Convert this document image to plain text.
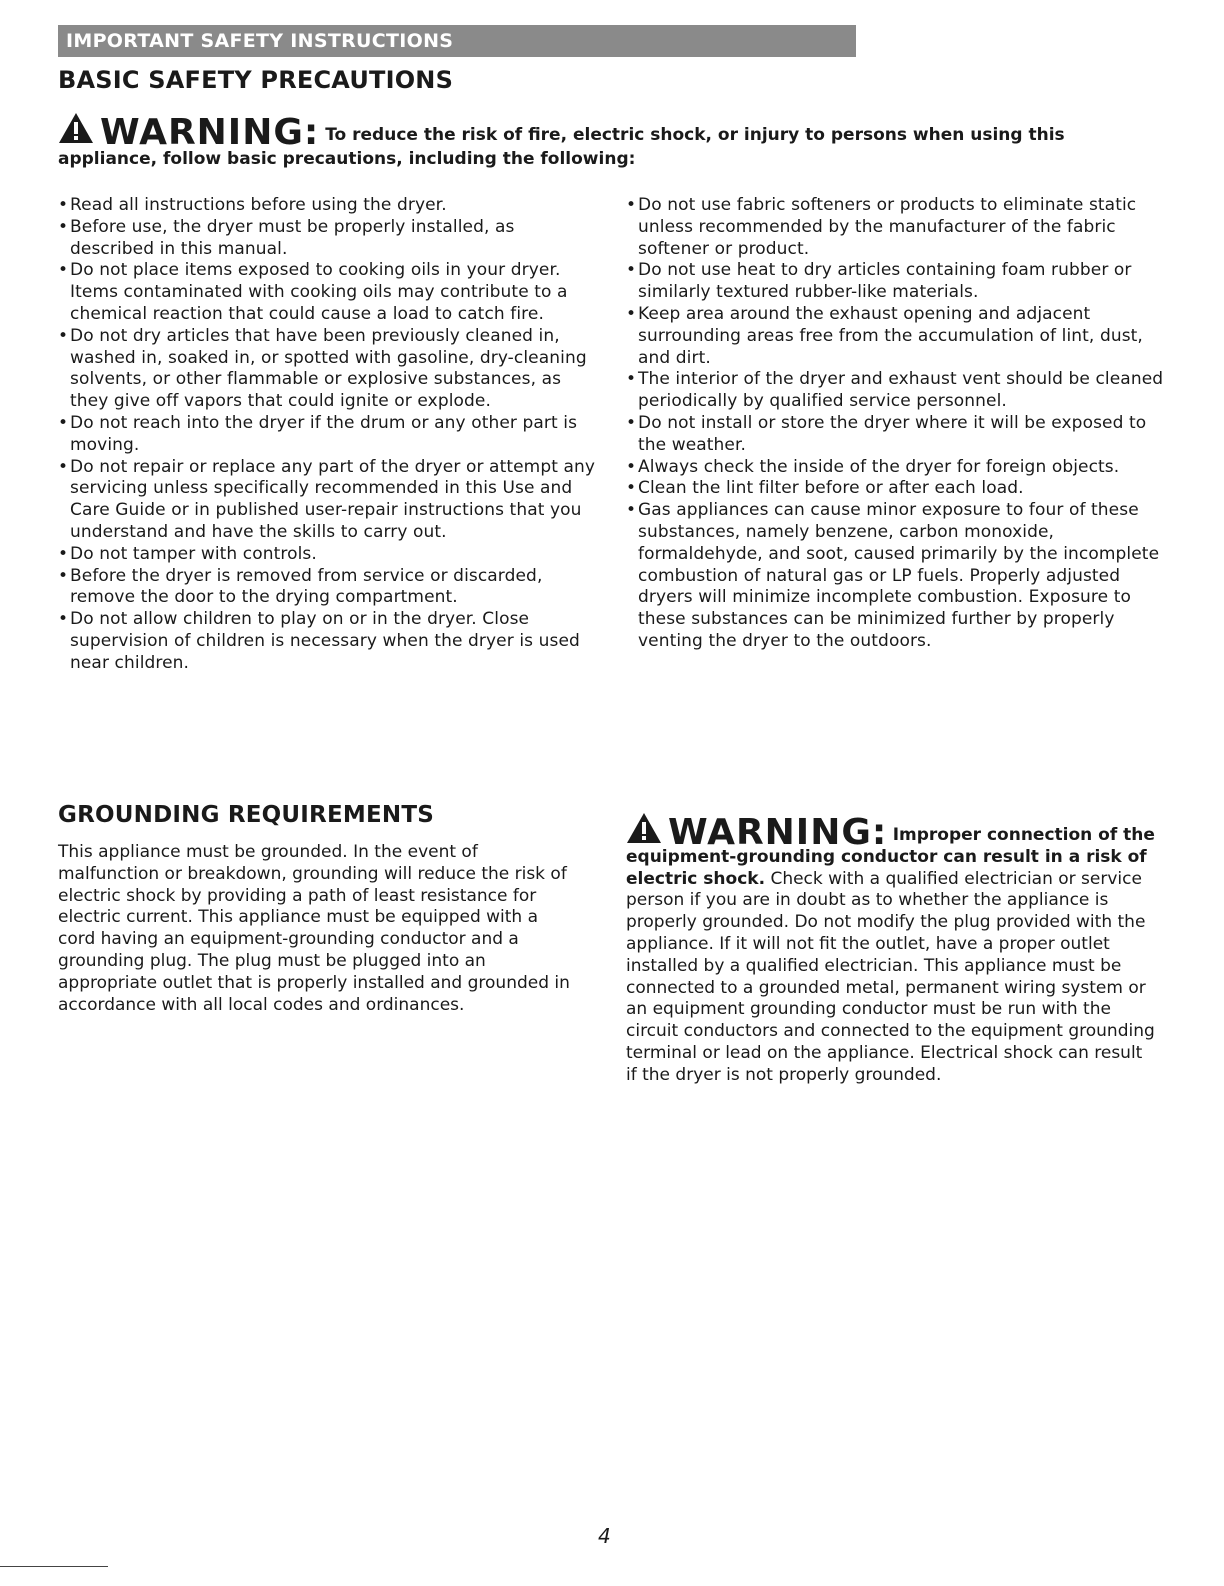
IMPORTANT SAFETY INSTRUCTIONS
BASIC SAFETY PRECAUTIONS
WARNING: To reduce the risk of fire, electric shock, or injury to persons when using this appliance, follow basic precautions, including the following:
• Read all instructions before using the dryer.
• Before use, the dryer must be properly installed, as described in this manual.
• Do not place items exposed to cooking oils in your dryer. Items contaminated with cooking oils may contribute to a chemical reaction that could cause a load to catch fire.
• Do not dry articles that have been previously cleaned in, washed in, soaked in, or spotted with gasoline, dry-cleaning solvents, or other flammable or explosive substances, as they give off vapors that could ignite or explode.
• Do not reach into the dryer if the drum or any other part is moving.
• Do not repair or replace any part of the dryer or attempt any servicing unless specifically recommended in this Use and Care Guide or in published user-repair instructions that you understand and have the skills to carry out.
• Do not tamper with controls.
• Before the dryer is removed from service or discarded, remove the door to the drying compartment.
• Do not allow children to play on or in the dryer. Close supervision of children is necessary when the dryer is used near children.
• Do not use fabric softeners or products to eliminate static unless recommended by the manufacturer of the fabric softener or product.
• Do not use heat to dry articles containing foam rubber or similarly textured rubber-like materials.
• Keep area around the exhaust opening and adjacent surrounding areas free from the accumulation of lint, dust, and dirt.
• The interior of the dryer and exhaust vent should be cleaned periodically by qualified service personnel.
• Do not install or store the dryer where it will be exposed to the weather.
• Always check the inside of the dryer for foreign objects.
• Clean the lint filter before or after each load.
• Gas appliances can cause minor exposure to four of these substances, namely benzene, carbon monoxide, formaldehyde, and soot, caused primarily by the incomplete combustion of natural gas or LP fuels. Properly adjusted dryers will minimize incomplete combustion. Exposure to these substances can be minimized further by properly venting the dryer to the outdoors.
GROUNDING REQUIREMENTS
This appliance must be grounded. In the event of malfunction or breakdown, grounding will reduce the risk of electric shock by providing a path of least resistance for electric current. This appliance must be equipped with a cord having an equipment-grounding conductor and a grounding plug. The plug must be plugged into an appropriate outlet that is properly installed and grounded in accordance with all local codes and ordinances.
WARNING: Improper connection of the equipment-grounding conductor can result in a risk of electric shock. Check with a qualified electrician or service person if you are in doubt as to whether the appliance is properly grounded. Do not modify the plug provided with the appliance. If it will not fit the outlet, have a proper outlet installed by a qualified electrician. This appliance must be connected to a grounded metal, permanent wiring system or an equipment grounding conductor must be run with the circuit conductors and connected to the equipment grounding terminal or lead on the appliance. Electrical shock can result if the dryer is not properly grounded.
4
